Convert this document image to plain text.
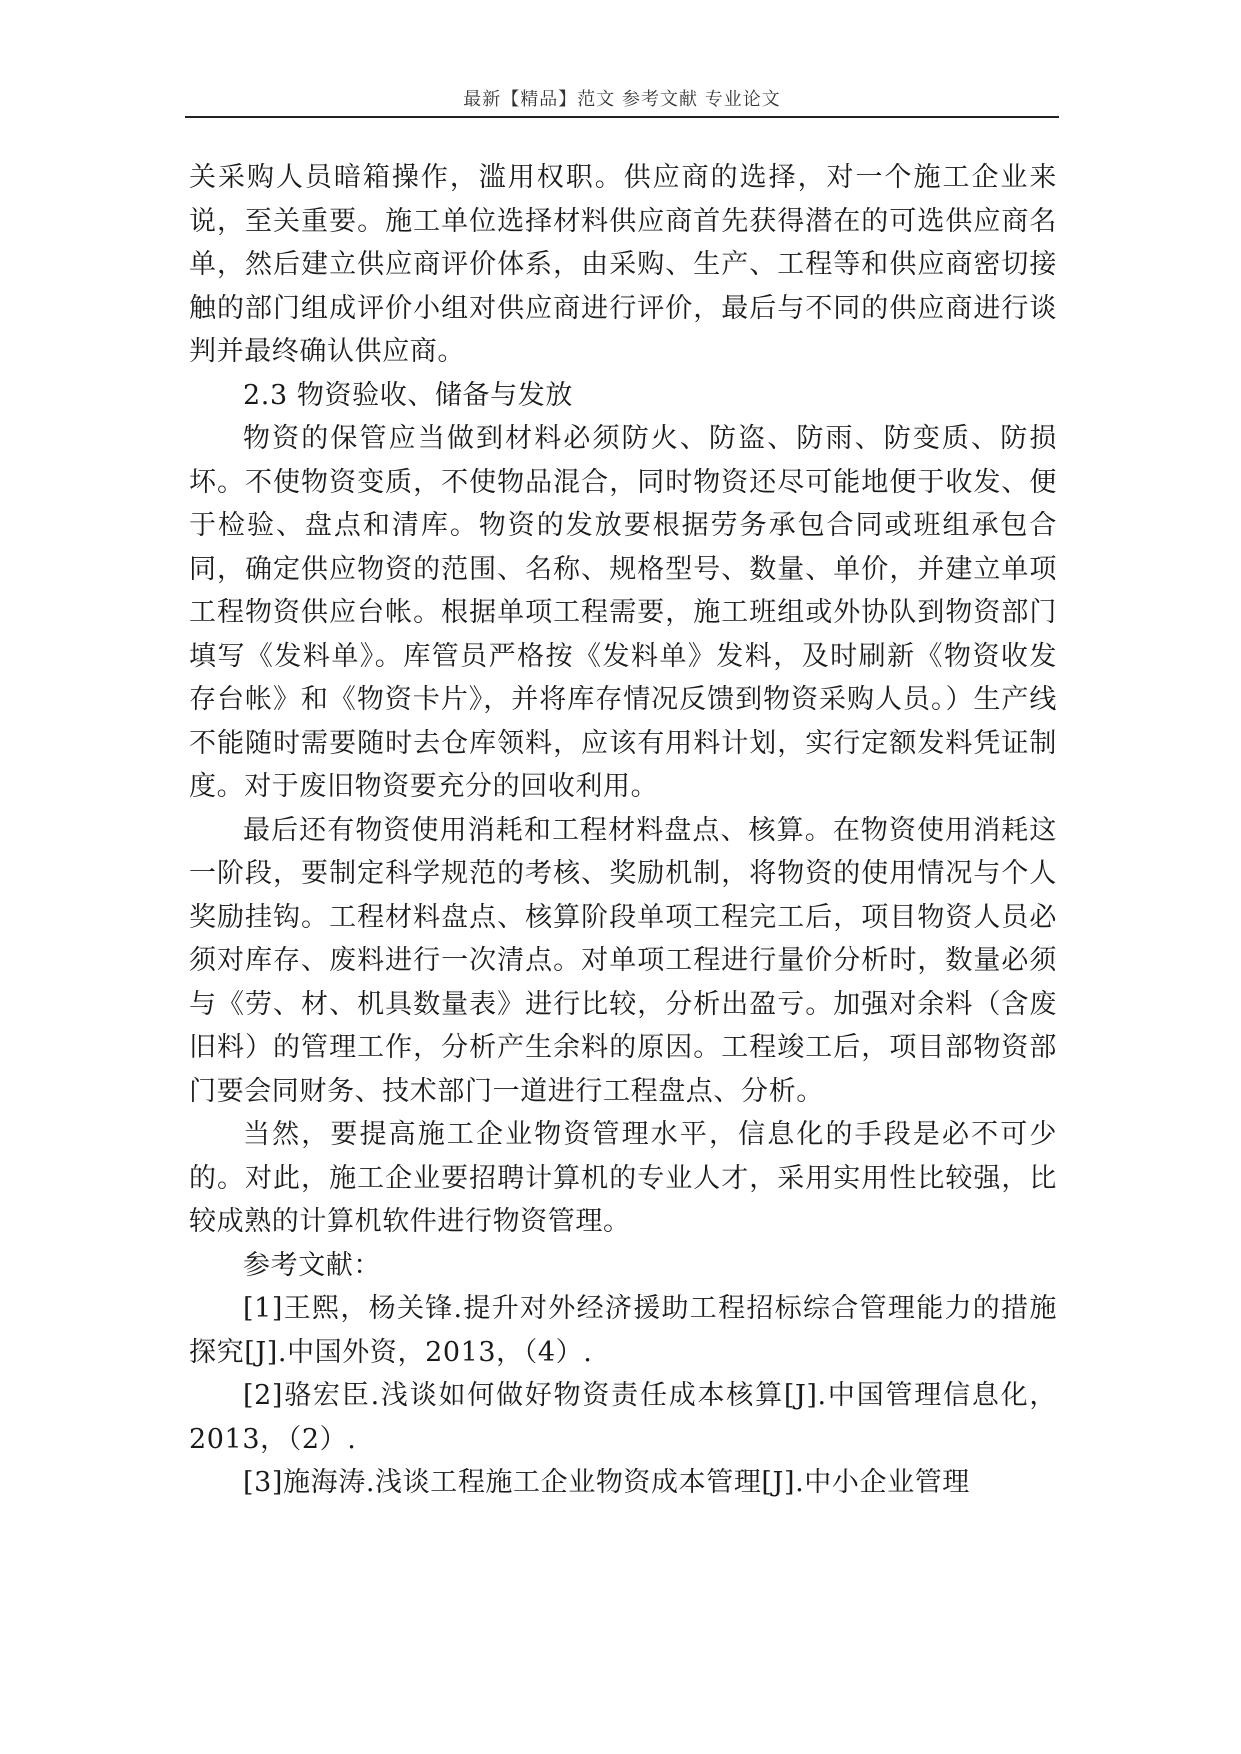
最新【精品】范文 参考文献 专业论文

关采购人员暗箱操作，滥用权职。供应商的选择，对一个施工企业来说，至关重要。施工单位选择材料供应商首先获得潜在的可选供应商名单，然后建立供应商评价体系，由采购、生产、工程等和供应商密切接触的部门组成评价小组对供应商进行评价，最后与不同的供应商进行谈判并最终确认供应商。

2.3 物资验收、储备与发放

物资的保管应当做到材料必须防火、防盗、防雨、防变质、防损坏。不使物资变质，不使物品混合，同时物资还尽可能地便于收发、便于检验、盘点和清库。物资的发放要根据劳务承包合同或班组承包合同，确定供应物资的范围、名称、规格型号、数量、单价，并建立单项工程物资供应台帐。根据单项工程需要，施工班组或外协队到物资部门填写《发料单》。库管员严格按《发料单》发料，及时刷新《物资收发存台帐》和《物资卡片》，并将库存情况反馈到物资采购人员。）生产线不能随时需要随时去仓库领料，应该有用料计划，实行定额发料凭证制度。对于废旧物资要充分的回收利用。

最后还有物资使用消耗和工程材料盘点、核算。在物资使用消耗这一阶段，要制定科学规范的考核、奖励机制，将物资的使用情况与个人奖励挂钩。工程材料盘点、核算阶段单项工程完工后，项目物资人员必须对库存、废料进行一次清点。对单项工程进行量价分析时，数量必须与《劳、材、机具数量表》进行比较，分析出盈亏。加强对余料（含废旧料）的管理工作，分析产生余料的原因。工程竣工后，项目部物资部门要会同财务、技术部门一道进行工程盘点、分析。

当然，要提高施工企业物资管理水平，信息化的手段是必不可少的。对此，施工企业要招聘计算机的专业人才，采用实用性比较强，比较成熟的计算机软件进行物资管理。

参考文献：

[1]王熙，杨关锋.提升对外经济援助工程招标综合管理能力的措施探究[J].中国外资，2013，（4）.

[2]骆宏臣.浅谈如何做好物资责任成本核算[J].中国管理信息化，2013，（2）.

[3]施海涛.浅谈工程施工企业物资成本管理[J].中小企业管理
